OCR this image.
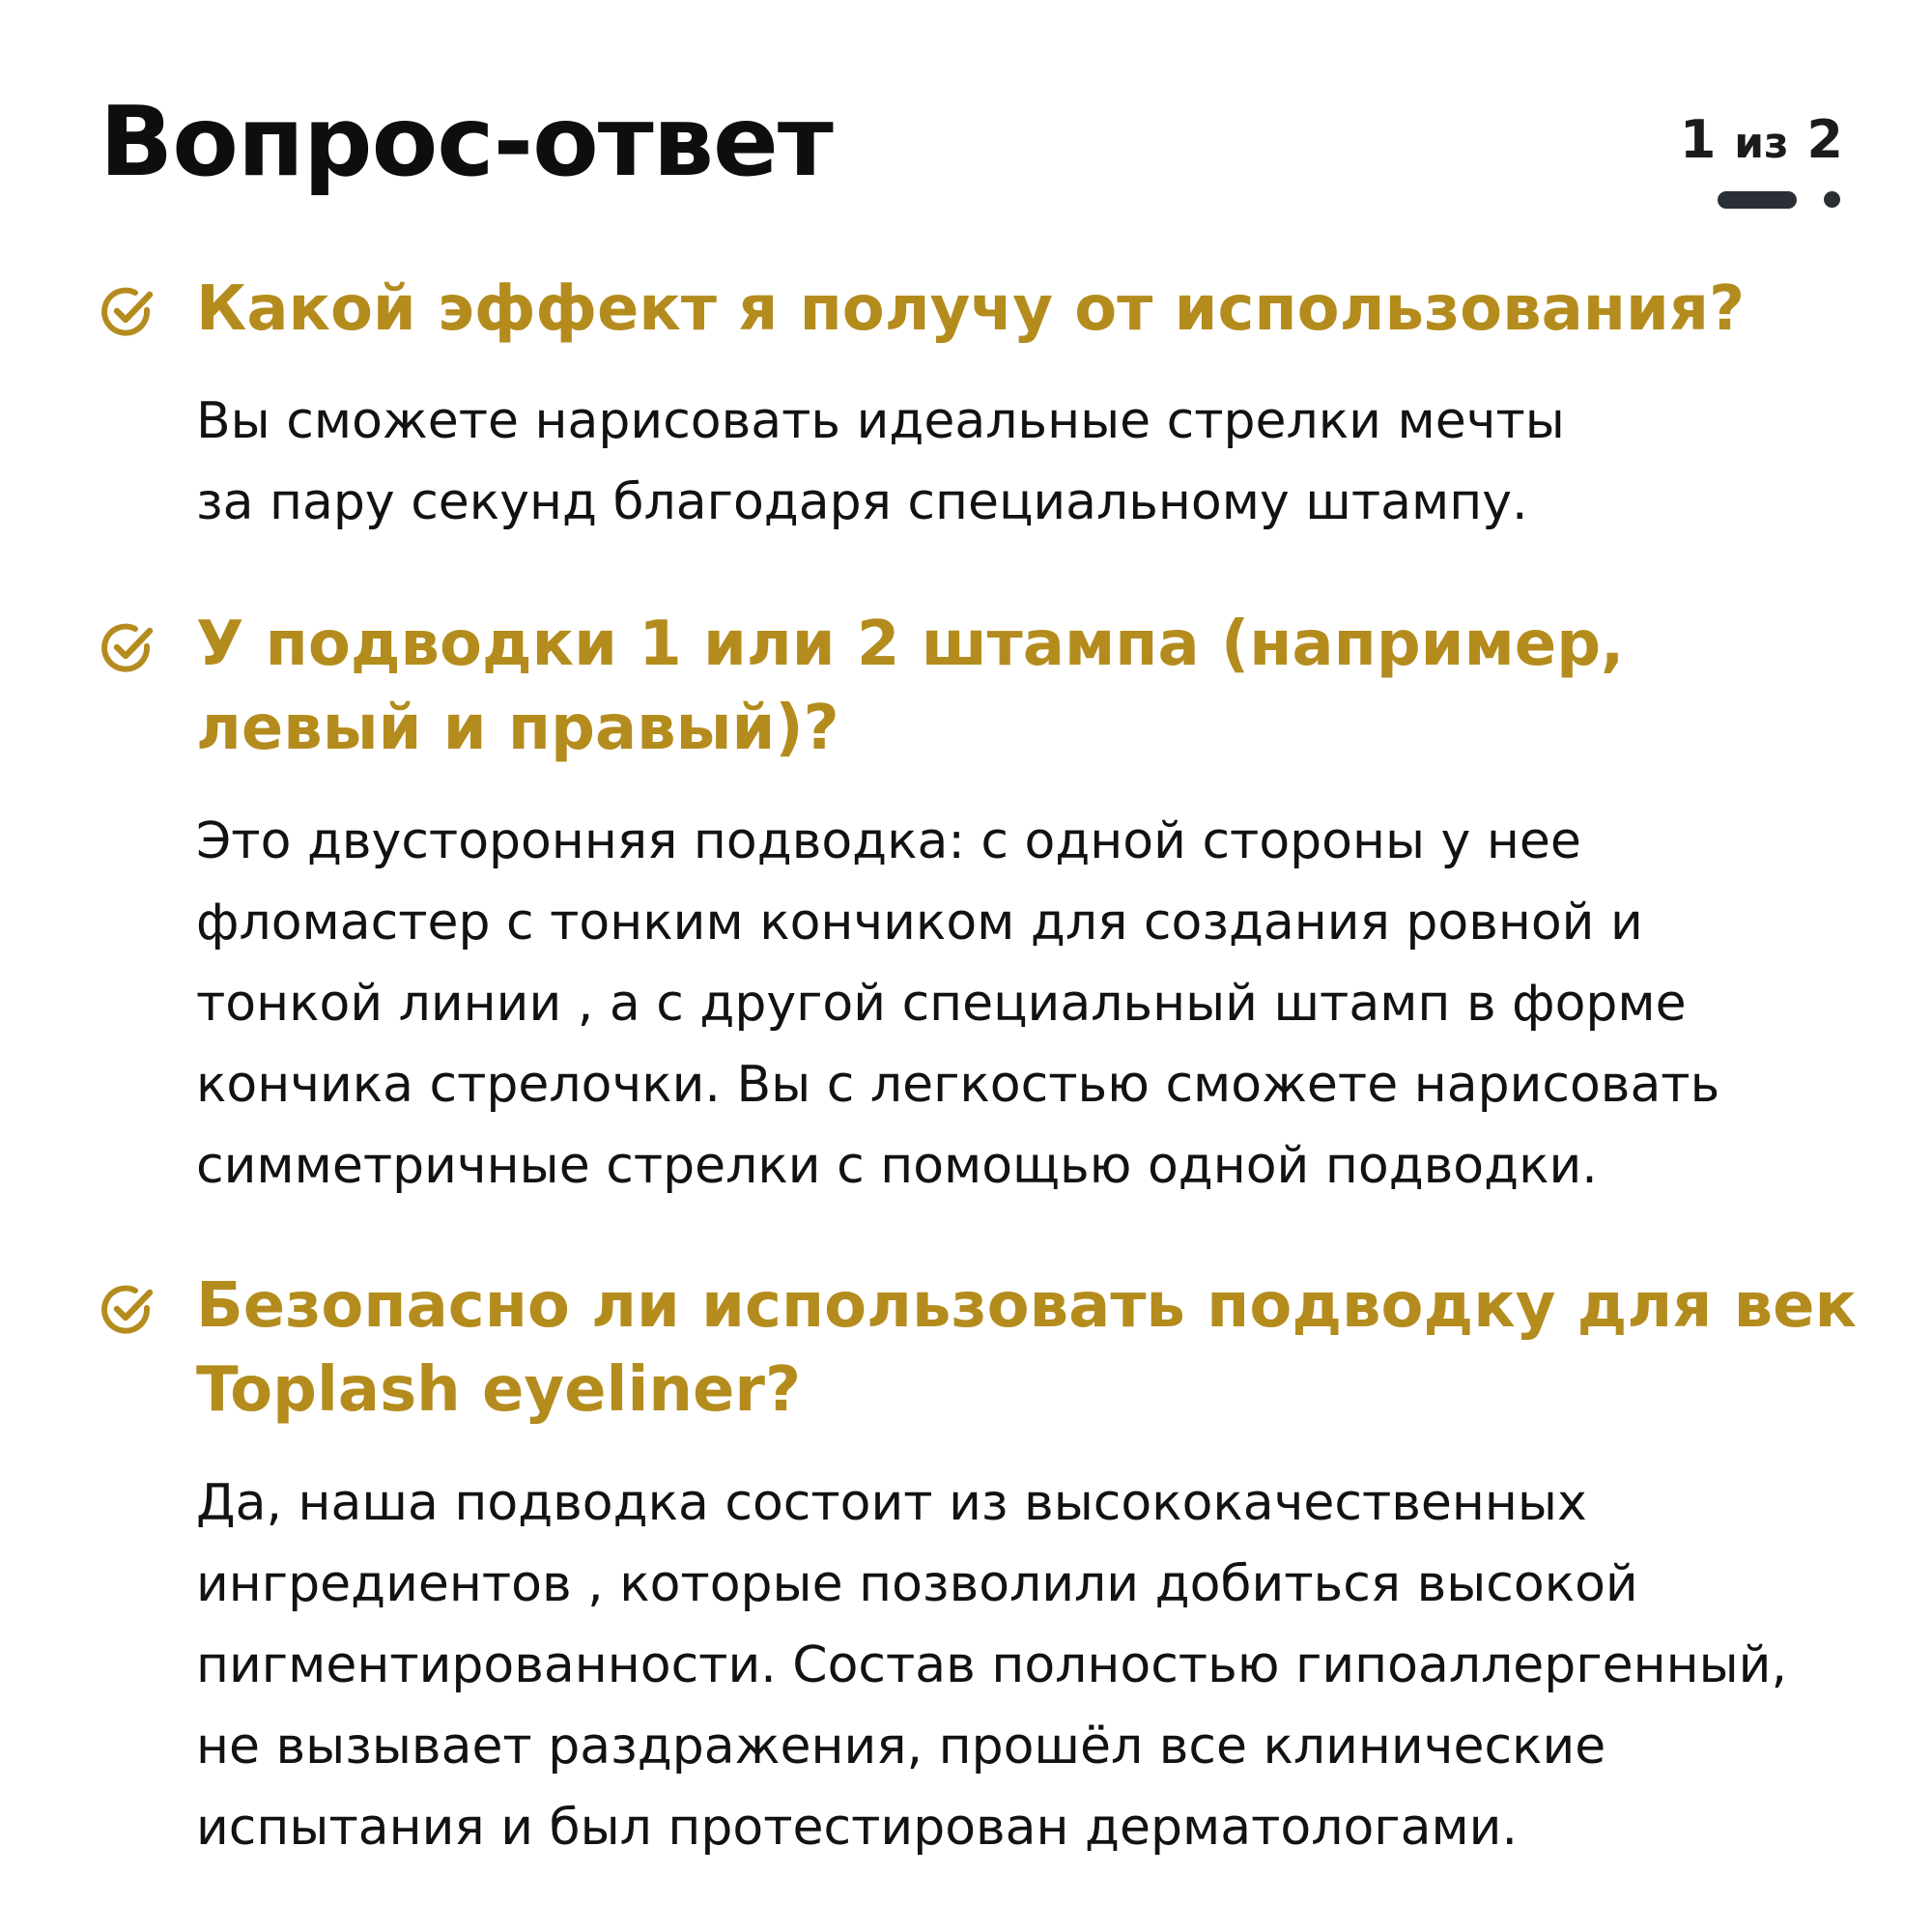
Вопрос-ответ	1 из 2
Какой эффект я получу от использования?

Вы сможете нарисовать идеальные стрелки мечты
за пару секунд благодаря специальному штампу.

У подводки 1 или 2 штампа (например,
левый и правый)?

Это двусторонняя подводка: с одной стороны у нее
фломастер с тонким кончиком для создания ровной и
тонкой линии , а с другой специальный штамп в форме
кончика стрелочки. Вы с легкостью сможете нарисовать
симметричные стрелки с помощью одной подводки.

Безопасно ли использовать подводку для век
Toplash eyeliner?

Да, наша подводка состоит из высококачественных
ингредиентов , которые позволили добиться высокой
пигментированности. Состав полностью гипоаллергенный,
не вызывает раздражения, прошёл все клинические
испытания и был протестирован дерматологами.
